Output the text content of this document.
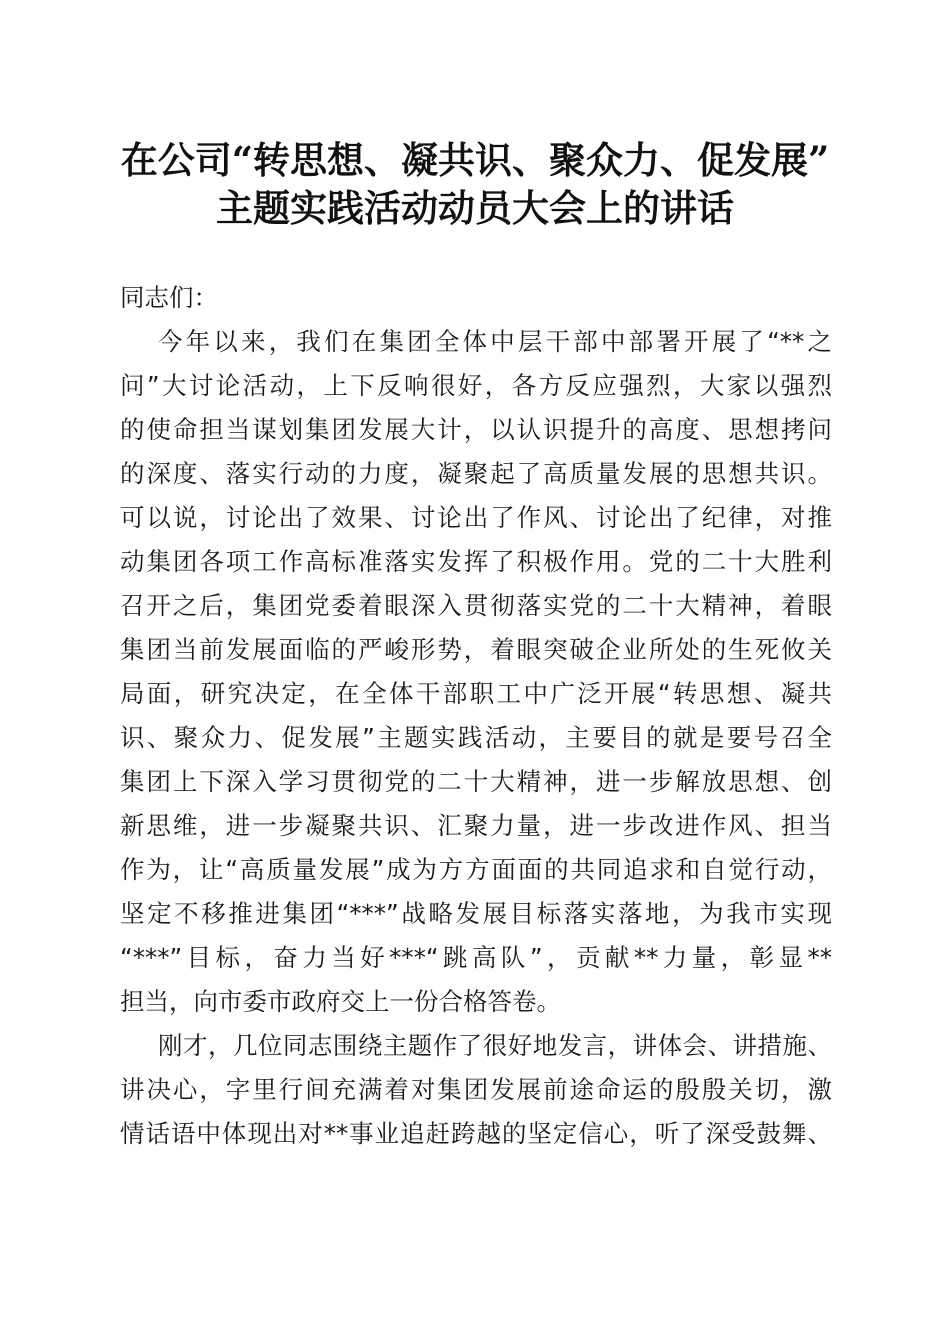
在公司“转思想、凝共识、聚众力、促发展”
主题实践活动动员大会上的讲话
同志们：
今年以来，我们在集团全体中层干部中部署开展了“**之
问”大讨论活动，上下反响很好，各方反应强烈，大家以强烈
的使命担当谋划集团发展大计，以认识提升的高度、思想拷问
的深度、落实行动的力度，凝聚起了高质量发展的思想共识。
可以说，讨论出了效果、讨论出了作风、讨论出了纪律，对推
动集团各项工作高标准落实发挥了积极作用。党的二十大胜利
召开之后，集团党委着眼深入贯彻落实党的二十大精神，着眼
集团当前发展面临的严峻形势，着眼突破企业所处的生死攸关
局面，研究决定，在全体干部职工中广泛开展“转思想、凝共
识、聚众力、促发展”主题实践活动，主要目的就是要号召全
集团上下深入学习贯彻党的二十大精神，进一步解放思想、创
新思维，进一步凝聚共识、汇聚力量，进一步改进作风、担当
作为，让“高质量发展”成为方方面面的共同追求和自觉行动，
坚定不移推进集团“***”战略发展目标落实落地，为我市实现
“***”目标，奋力当好***“跳高队”，贡献**力量，彰显**
担当，向市委市政府交上一份合格答卷。
刚才，几位同志围绕主题作了很好地发言，讲体会、讲措施、
讲决心，字里行间充满着对集团发展前途命运的殷殷关切，激
情话语中体现出对**事业追赶跨越的坚定信心，听了深受鼓舞、
